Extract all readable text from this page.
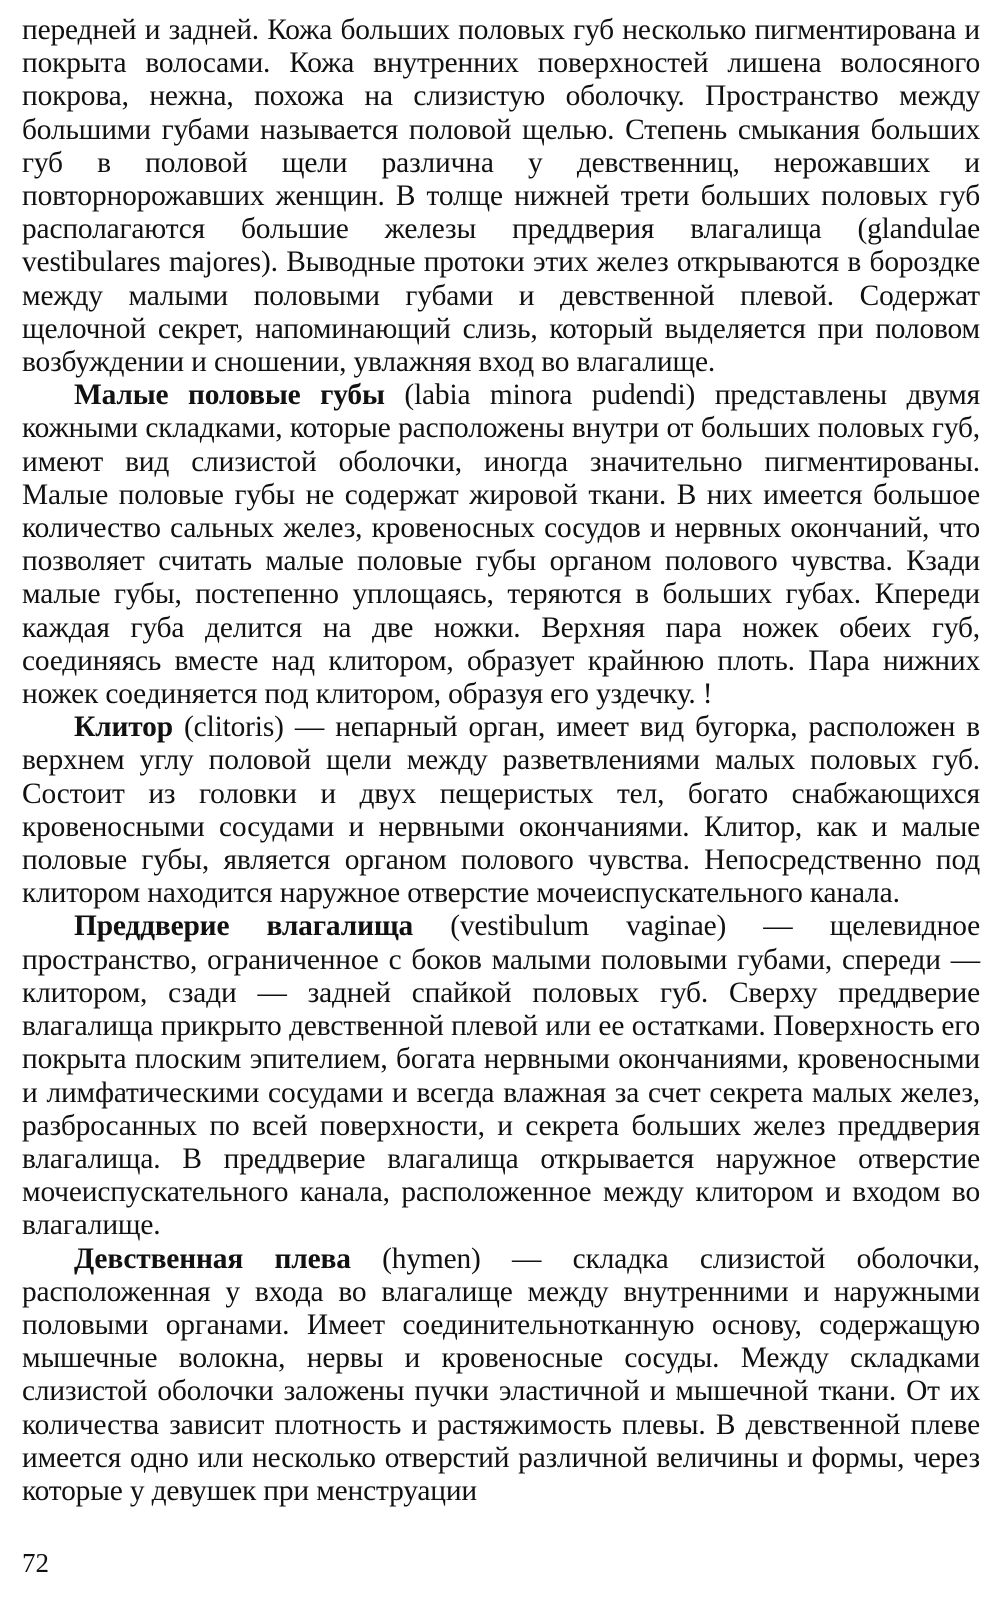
передней и задней. Кожа больших половых губ несколько пигментирована и покрыта волосами. Кожа внутренних поверхностей лишена волосяного покрова, нежна, похожа на слизистую оболочку. Пространство между большими губами называется половой щелью. Степень смыкания больших губ в половой щели различна у девственниц, нерожавших и повторнорожавших женщин. В толще нижней трети больших половых губ располагаются большие железы преддверия влагалища (glandulae vestibulares majores). Выводные протоки этих желез открываются в бороздке между малыми половыми губами и девственной плевой. Содержат щелочной секрет, напоминающий слизь, который выделяется при половом возбуждении и сношении, увлажняя вход во влагалище.

Малые половые губы (labia minora pudendi) представлены двумя кожными складками, которые расположены внутри от больших половых губ, имеют вид слизистой оболочки, иногда значительно пигментированы. Малые половые губы не содержат жировой ткани. В них имеется большое количество сальных желез, кровеносных сосудов и нервных окончаний, что позволяет считать малые половые губы органом полового чувства. Кзади малые губы, постепенно уплощаясь, теряются в больших губах. Кпереди каждая губа делится на две ножки. Верхняя пара ножек обеих губ, соединяясь вместе над клитором, образует крайнюю плоть. Пара нижних ножек соединяется под клитором, образуя его уздечку. !

Клитор (clitoris) — непарный орган, имеет вид бугорка, расположен в верхнем углу половой щели между разветвлениями малых половых губ. Состоит из головки и двух пещеристых тел, богато снабжающихся кровеносными сосудами и нервными окончаниями. Клитор, как и малые половые губы, является органом полового чувства. Непосредственно под клитором находится наружное отверстие мочеиспускательного канала.

Преддверие влагалища (vestibulum vaginae) — щелевидное пространство, ограниченное с боков малыми половыми губами, спереди — клитором, сзади — задней спайкой половых губ. Сверху преддверие влагалища прикрыто девственной плевой или ее остатками. Поверхность его покрыта плоским эпителием, богата нервными окончаниями, кровеносными и лимфатическими сосудами и всегда влажная за счет секрета малых желез, разбросанных по всей поверхности, и секрета больших желез преддверия влагалища. В преддверие влагалища открывается наружное отверстие мочеиспускательного канала, расположенное между клитором и входом во влагалище.

Девственная плева (hymen) — складка слизистой оболочки, расположенная у входа во влагалище между внутренними и наружными половыми органами. Имеет соединительнотканную основу, содержащую мышечные волокна, нервы и кровеносные сосуды. Между складками слизистой оболочки заложены пучки эластичной и мышечной ткани. От их количества зависит плотность и растяжимость плевы. В девственной плеве имеется одно или несколько отверстий различной величины и формы, через которые у девушек при менструации

72
